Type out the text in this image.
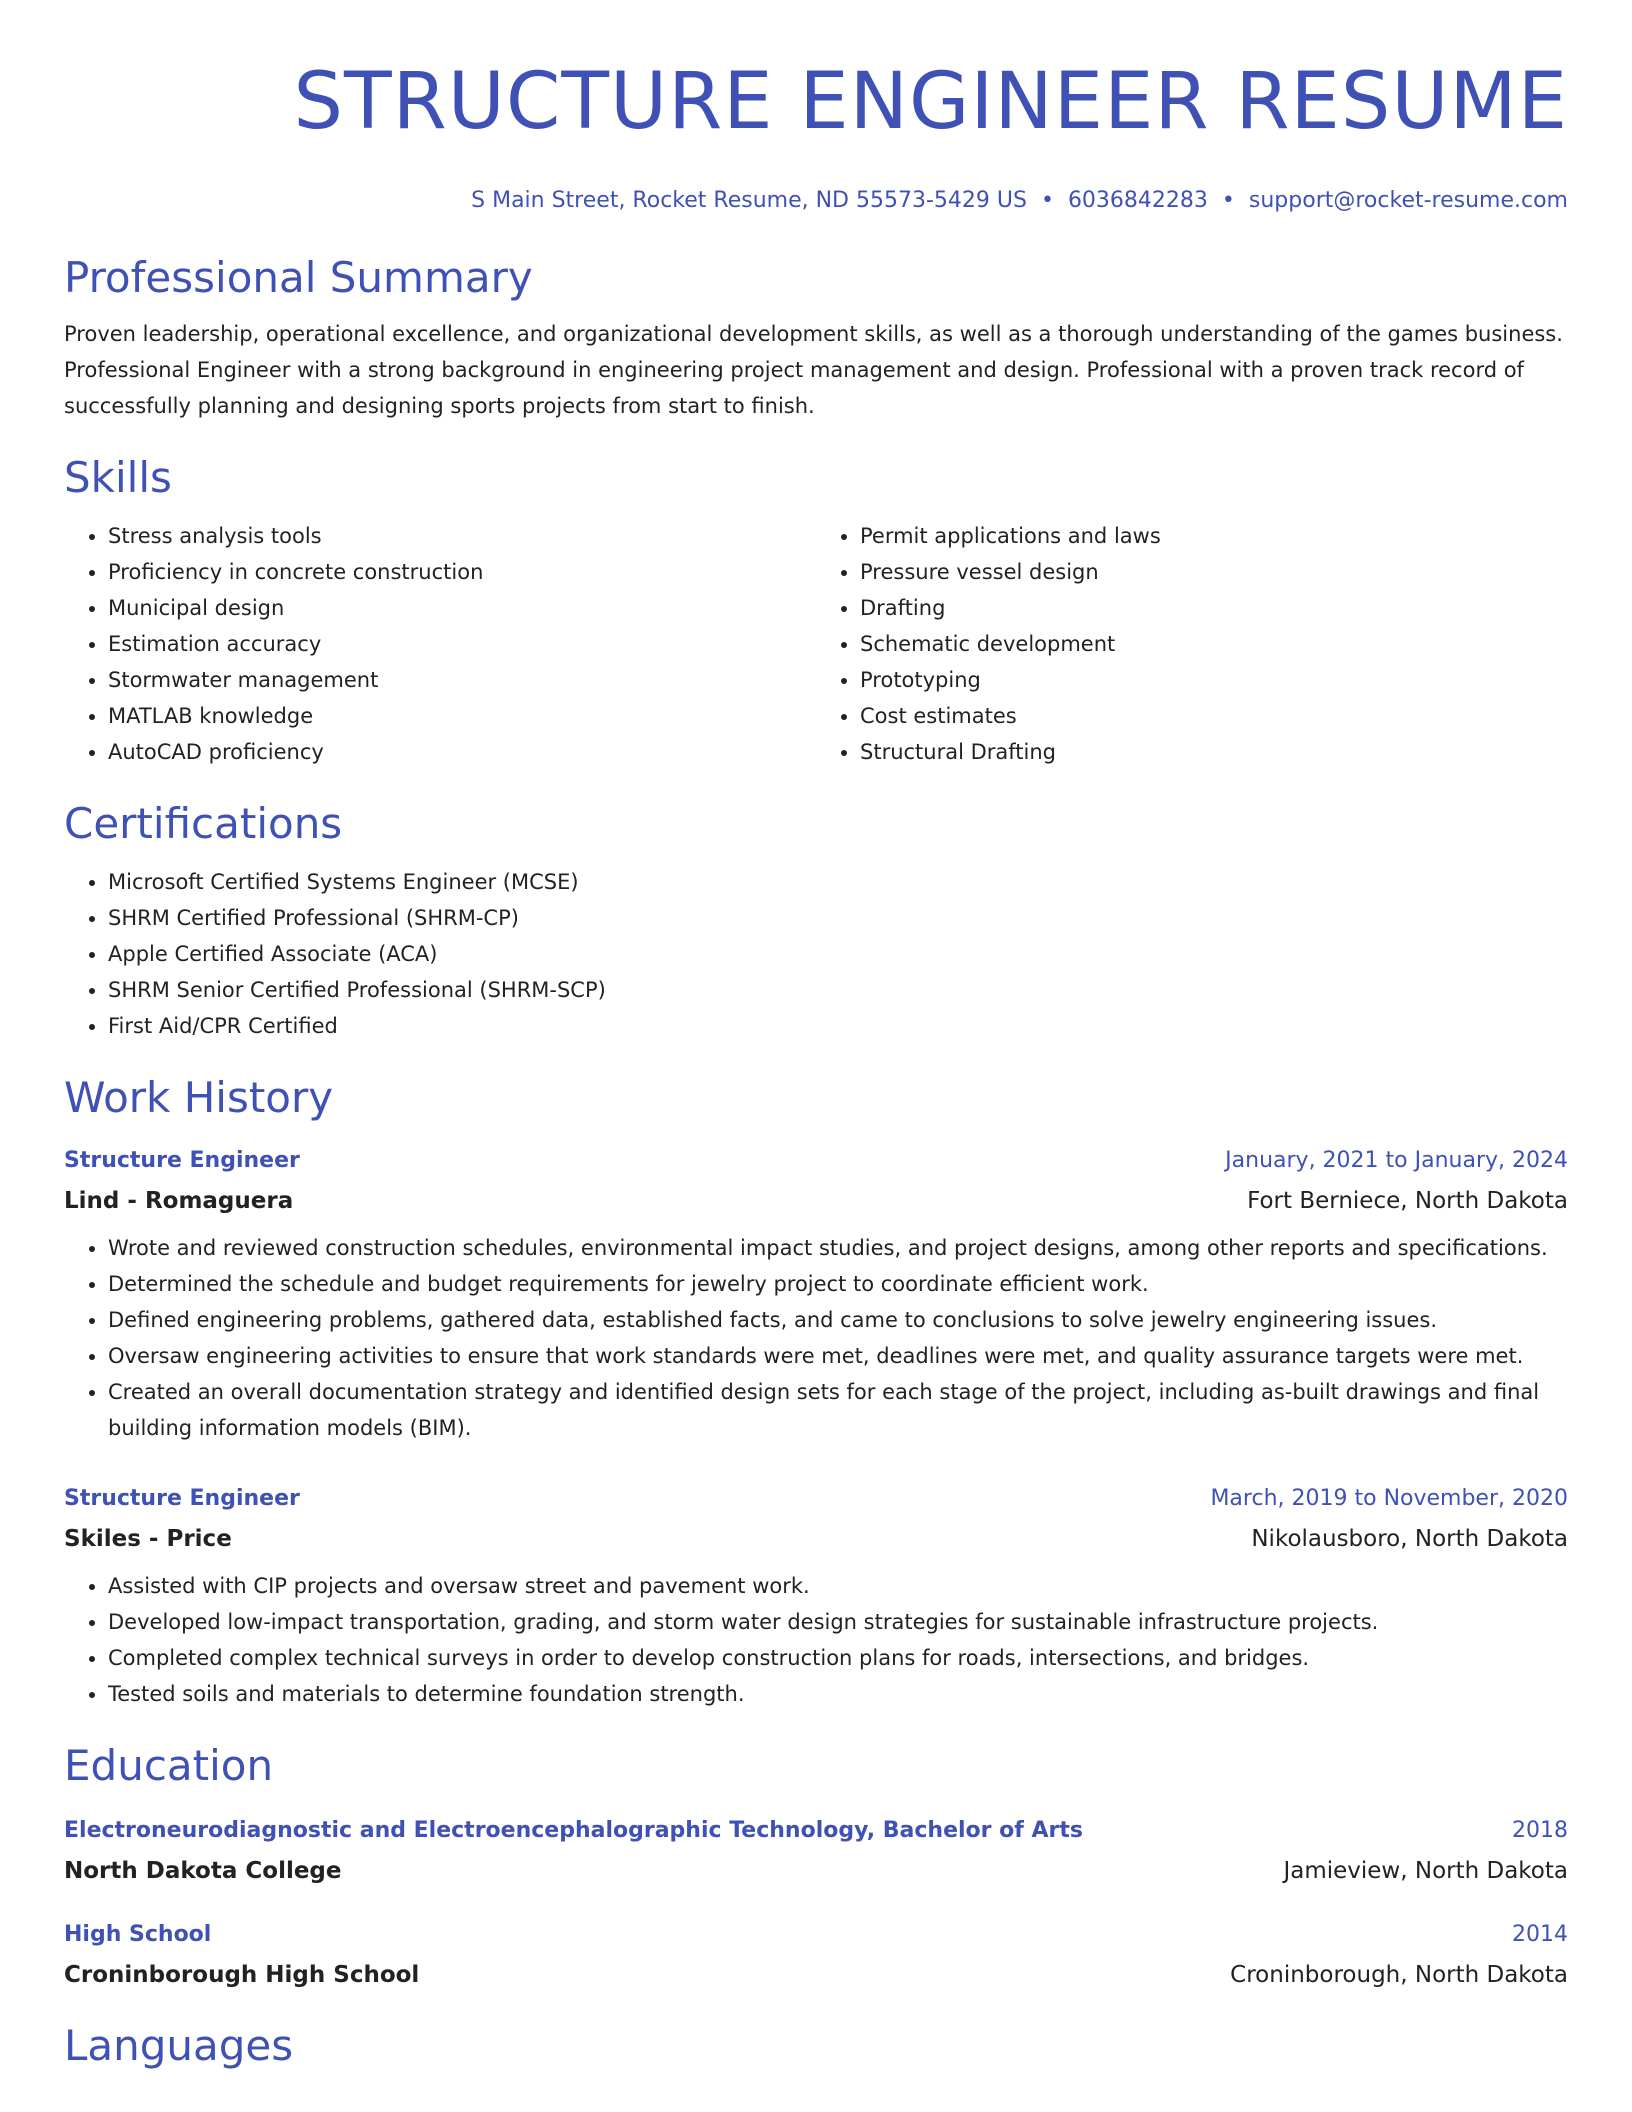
STRUCTURE ENGINEER RESUME
S Main Street, Rocket Resume, ND 55573-5429 US • 6036842283 • support@rocket-resume.com
Professional Summary
Proven leadership, operational excellence, and organizational development skills, as well as a thorough understanding of the games business. Professional Engineer with a strong background in engineering project management and design. Professional with a proven track record of successfully planning and designing sports projects from start to finish.
Skills
• Stress analysis tools
• Proficiency in concrete construction
• Municipal design
• Estimation accuracy
• Stormwater management
• MATLAB knowledge
• AutoCAD proficiency
• Permit applications and laws
• Pressure vessel design
• Drafting
• Schematic development
• Prototyping
• Cost estimates
• Structural Drafting
Certifications
• Microsoft Certified Systems Engineer (MCSE)
• SHRM Certified Professional (SHRM-CP)
• Apple Certified Associate (ACA)
• SHRM Senior Certified Professional (SHRM-SCP)
• First Aid/CPR Certified
Work History
Structure Engineer	January, 2021 to January, 2024
Lind - Romaguera	Fort Berniece, North Dakota
• Wrote and reviewed construction schedules, environmental impact studies, and project designs, among other reports and specifications.
• Determined the schedule and budget requirements for jewelry project to coordinate efficient work.
• Defined engineering problems, gathered data, established facts, and came to conclusions to solve jewelry engineering issues.
• Oversaw engineering activities to ensure that work standards were met, deadlines were met, and quality assurance targets were met.
• Created an overall documentation strategy and identified design sets for each stage of the project, including as-built drawings and final building information models (BIM).
Structure Engineer	March, 2019 to November, 2020
Skiles - Price	Nikolausboro, North Dakota
• Assisted with CIP projects and oversaw street and pavement work.
• Developed low-impact transportation, grading, and storm water design strategies for sustainable infrastructure projects.
• Completed complex technical surveys in order to develop construction plans for roads, intersections, and bridges.
• Tested soils and materials to determine foundation strength.
Education
Electroneurodiagnostic and Electroencephalographic Technology, Bachelor of Arts	2018
North Dakota College	Jamieview, North Dakota
High School	2014
Croninborough High School	Croninborough, North Dakota
Languages
